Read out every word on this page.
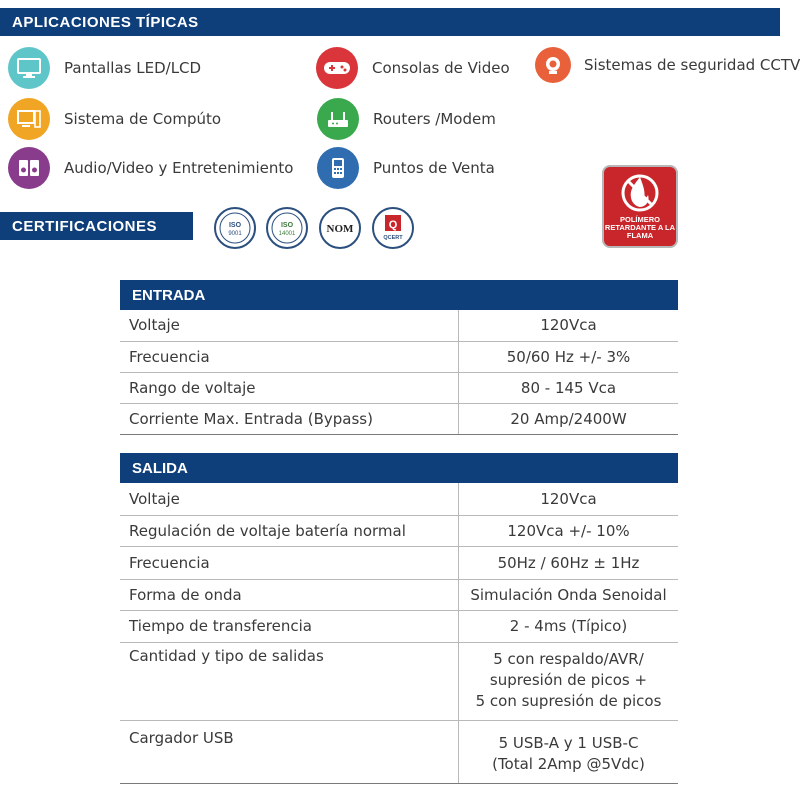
APLICACIONES TÍPICAS
Pantallas LED/LCD	Consolas de Video	Sistemas de seguridad CCTV
Sistema de Compúto	Routers /Modem
Audio/Video y Entretenimiento	Puntos de Venta
CERTIFICACIONES	ISO
9001
ISO
14001	NOM	Q
QCERT
POLÍMERO RETARDANTE A LA FLAMA
ENTRADA
Voltaje	120Vca
Frecuencia	50/60 Hz +/- 3%
Rango de voltaje	80 - 145 Vca
Corriente Max. Entrada (Bypass)	20 Amp/2400W
SALIDA
Voltaje	120Vca
Regulación de voltaje batería normal	120Vca +/- 10%
Frecuencia	50Hz / 60Hz ± 1Hz
Forma de onda	Simulación Onda Senoidal
Tiempo de transferencia	2 - 4ms (Típico)
Cantidad y tipo de salidas	5 con respaldo/AVR/
supresión de picos +
5 con supresión de picos

Cargador USB	5 USB-A y 1 USB-C
(Total 2Amp @5Vdc)
